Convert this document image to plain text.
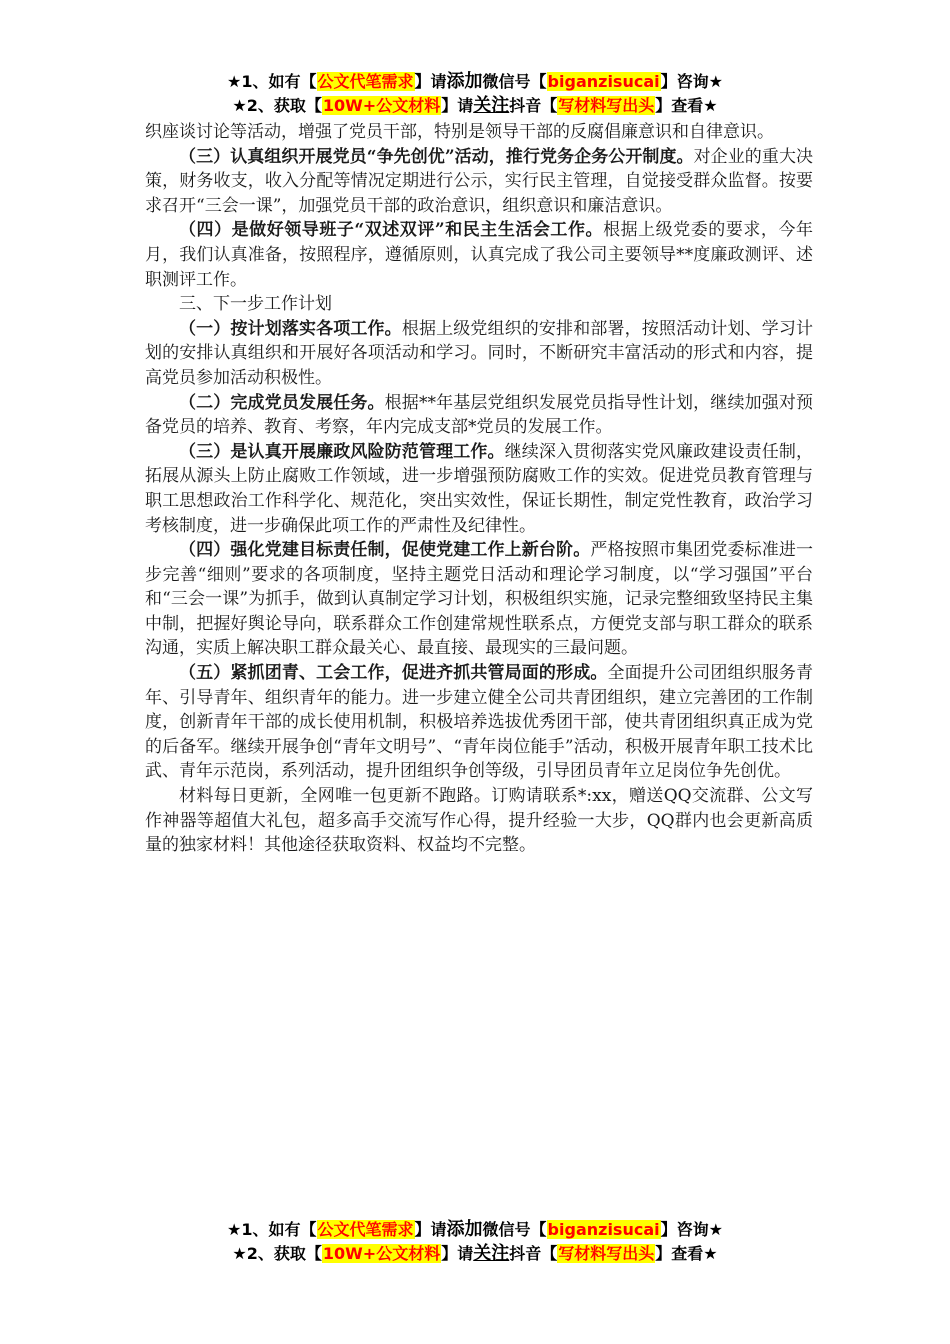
★1、如有【公文代笔需求】请添加微信号【biganzisucai】咨询★
★2、获取【10W+公文材料】请关注抖音【写材料写出头】查看★

织座谈讨论等活动，增强了党员干部，特别是领导干部的反腐倡廉意识和自律意识。

（三）认真组织开展党员“争先创优”活动，推行党务企务公开制度。对企业的重大决策，财务收支，收入分配等情况定期进行公示，实行民主管理，自觉接受群众监督。按要求召开“三会一课”，加强党员干部的政治意识，组织意识和廉洁意识。

（四）是做好领导班子“双述双评”和民主生活会工作。根据上级党委的要求，今年月，我们认真准备，按照程序，遵循原则，认真完成了我公司主要领导**度廉政测评、述职测评工作。

三、下一步工作计划

（一）按计划落实各项工作。根据上级党组织的安排和部署，按照活动计划、学习计划的安排认真组织和开展好各项活动和学习。同时，不断研究丰富活动的形式和内容，提高党员参加活动积极性。

（二）完成党员发展任务。根据**年基层党组织发展党员指导性计划，继续加强对预备党员的培养、教育、考察，年内完成支部*党员的发展工作。

（三）是认真开展廉政风险防范管理工作。继续深入贯彻落实党风廉政建设责任制，拓展从源头上防止腐败工作领域，进一步增强预防腐败工作的实效。促进党员教育管理与职工思想政治工作科学化、规范化，突出实效性，保证长期性，制定党性教育，政治学习考核制度，进一步确保此项工作的严肃性及纪律性。

（四）强化党建目标责任制，促使党建工作上新台阶。严格按照市集团党委标准进一步完善“细则”要求的各项制度，坚持主题党日活动和理论学习制度，以“学习强国”平台和“三会一课”为抓手，做到认真制定学习计划，积极组织实施，记录完整细致坚持民主集中制，把握好舆论导向，联系群众工作创建常规性联系点，方便党支部与职工群众的联系沟通，实质上解决职工群众最关心、最直接、最现实的三最问题。

（五）紧抓团青、工会工作，促进齐抓共管局面的形成。全面提升公司团组织服务青年、引导青年、组织青年的能力。进一步建立健全公司共青团组织，建立完善团的工作制度，创新青年干部的成长使用机制，积极培养选拔优秀团干部，使共青团组织真正成为党的后备军。继续开展争创“青年文明号”、“青年岗位能手”活动，积极开展青年职工技术比武、青年示范岗，系列活动，提升团组织争创等级，引导团员青年立足岗位争先创优。

材料每日更新，全网唯一包更新不跑路。订购请联系*:xx，赠送QQ交流群、公文写作神器等超值大礼包，超多高手交流写作心得，提升经验一大步，QQ群内也会更新高质量的独家材料！其他途径获取资料、权益均不完整。

★1、如有【公文代笔需求】请添加微信号【biganzisucai】咨询★
★2、获取【10W+公文材料】请关注抖音【写材料写出头】查看★
